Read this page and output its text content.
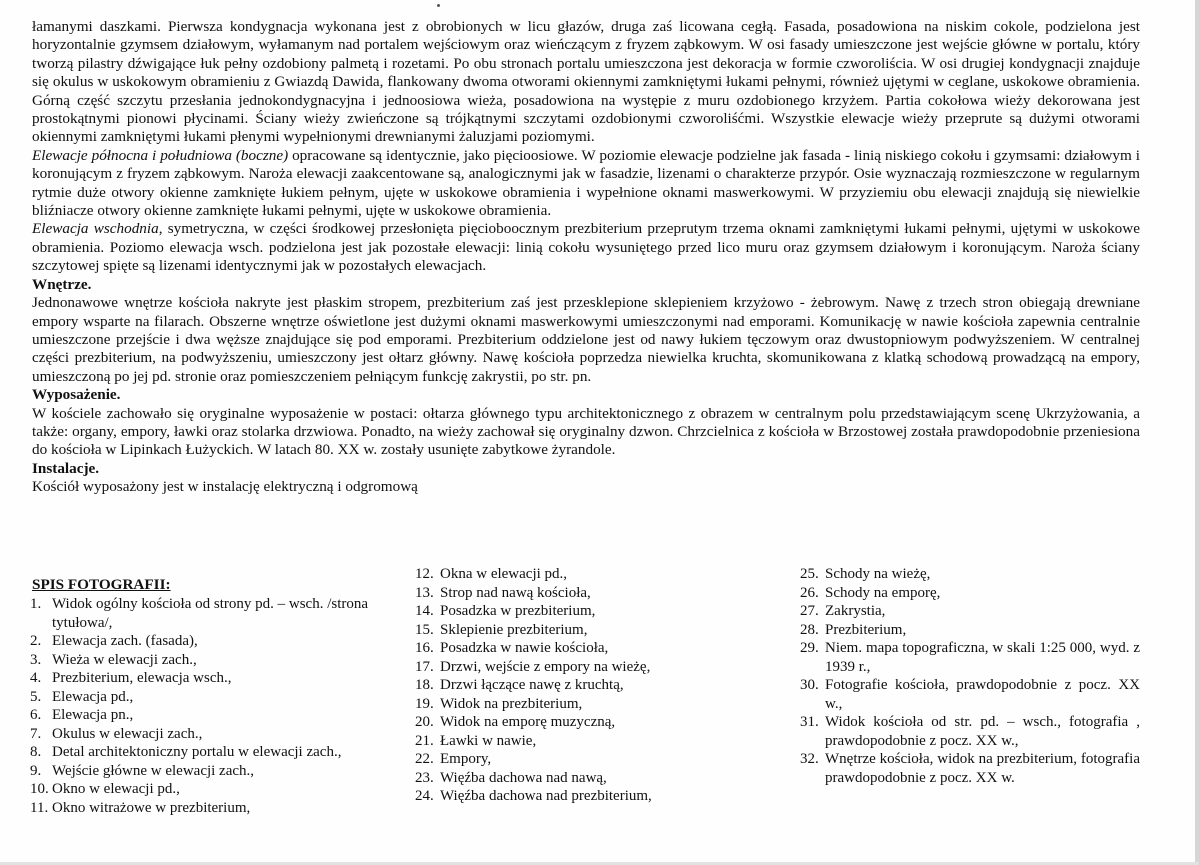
łamanymi daszkami. Pierwsza kondygnacja wykonana jest z obrobionych w licu głazów, druga zaś licowana cegłą. Fasada, posadowiona na niskim cokole, podzielona jest horyzontalnie gzymsem działowym, wyłamanym nad portalem wejściowym oraz wieńczącym z fryzem ząbkowym. W osi fasady umieszczone jest wejście główne w portalu, który tworzą pilastry dźwigające łuk pełny ozdobiony palmetą i rozetami. Po obu stronach portalu umieszczona jest dekoracja w formie czworoliścia. W osi drugiej kondygnacji znajduje się okulus w uskokowym obramieniu z Gwiazdą Dawida, flankowany dwoma otworami okiennymi zamkniętymi łukami pełnymi, również ujętymi w ceglane, uskokowe obramienia. Górną część szczytu przesłania jednokondygnacyjna i jednoosiowa wieża, posadowiona na występie z muru ozdobionego krzyżem. Partia cokołowa wieży dekorowana jest prostokątnymi pionowi płycinami. Ściany wieży zwieńczone są trójkątnymi szczytami ozdobionymi czworoliśćmi. Wszystkie elewacje wieży przeprute są dużymi otworami okiennymi zamkniętymi łukami płenymi wypełnionymi drewnianymi żaluzjami poziomymi.

Elewacje północna i południowa (boczne) opracowane są identycznie, jako pięcioosiowe. W poziomie elewacje podzielne jak fasada - linią niskiego cokołu i gzymsami: działowym i koronującym z fryzem ząbkowym. Naroża elewacji zaakcentowane są, analogicznymi jak w fasadzie, lizenami o charakterze przypór. Osie wyznaczają rozmieszczone w regularnym rytmie duże otwory okienne zamknięte łukiem pełnym, ujęte w uskokowe obramienia i wypełnione oknami maswerkowymi. W przyziemiu obu elewacji znajdują się niewielkie bliźniacze otwory okienne zamknięte łukami pełnymi, ujęte w uskokowe obramienia.

Elewacja wschodnia, symetryczna, w części środkowej przesłonięta pięcioboocznym prezbiterium przeprutym trzema oknami zamkniętymi łukami pełnymi, ujętymi w uskokowe obramienia. Poziomo elewacja wsch. podzielona jest jak pozostałe elewacji: linią cokołu wysuniętego przed lico muru oraz gzymsem działowym i koronującym. Naroża ściany szczytowej spięte są lizenami identycznymi jak w pozostałych elewacjach.

Wnętrze.

Jednonawowe wnętrze kościoła nakryte jest płaskim stropem, prezbiterium zaś jest przesklepione sklepieniem krzyżowo - żebrowym. Nawę z trzech stron obiegają drewniane empory wsparte na filarach. Obszerne wnętrze oświetlone jest dużymi oknami maswerkowymi umieszczonymi nad emporami. Komunikację w nawie kościoła zapewnia centralnie umieszczone przejście i dwa węższe znajdujące się pod emporami. Prezbiterium oddzielone jest od nawy łukiem tęczowym oraz dwustopniowym podwyższeniem. W centralnej części prezbiterium, na podwyższeniu, umieszczony jest ołtarz główny. Nawę kościoła poprzedza niewielka kruchta, skomunikowana z klatką schodową prowadzącą na empory, umieszczoną po jej pd. stronie oraz pomieszczeniem pełniącym funkcję zakrystii, po str. pn.

Wyposażenie.

W kościele zachowało się oryginalne wyposażenie w postaci: ołtarza głównego typu architektonicznego z obrazem w centralnym polu przedstawiającym scenę Ukrzyżowania, a także: organy, empory, ławki oraz stolarka drzwiowa. Ponadto, na wieży zachował się oryginalny dzwon. Chrzcielnica z kościoła w Brzostowej została prawdopodobnie przeniesiona do kościoła w Lipinkach Łużyckich. W latach 80. XX w. zostały usunięte zabytkowe żyrandole.

Instalacje.

Kościół wyposażony jest w instalację elektryczną i odgromową

SPIS FOTOGRAFII:
1. Widok ogólny kościoła od strony pd. – wsch. /strona tytułowa/,
2. Elewacja zach. (fasada),
3. Wieża w elewacji zach.,
4. Prezbiterium, elewacja wsch.,
5. Elewacja pd.,
6. Elewacja pn.,
7. Okulus w elewacji zach.,
8. Detal architektoniczny portalu w elewacji zach.,
9. Wejście główne w elewacji zach.,
10. Okno w elewacji pd.,
11. Okno witrażowe w prezbiterium,
12. Okna w elewacji pd.,
13. Strop nad nawą kościoła,
14. Posadzka w prezbiterium,
15. Sklepienie prezbiterium,
16. Posadzka w nawie kościoła,
17. Drzwi, wejście z empory na wieżę,
18. Drzwi łączące nawę z kruchtą,
19. Widok na prezbiterium,
20. Widok na emporę muzyczną,
21. Ławki w nawie,
22. Empory,
23. Więźba dachowa nad nawą,
24. Więźba dachowa nad prezbiterium,
25. Schody na wieżę,
26. Schody na emporę,
27. Zakrystia,
28. Prezbiterium,
29. Niem. mapa topograficzna, w skali 1:25 000, wyd. z 1939 r.,
30. Fotografie kościoła, prawdopodobnie z pocz. XX w.,
31. Widok kościoła od str. pd. – wsch., fotografia , prawdopodobnie z pocz. XX w.,
32. Wnętrze kościoła, widok na prezbiterium, fotografia prawdopodobnie z pocz. XX w.
